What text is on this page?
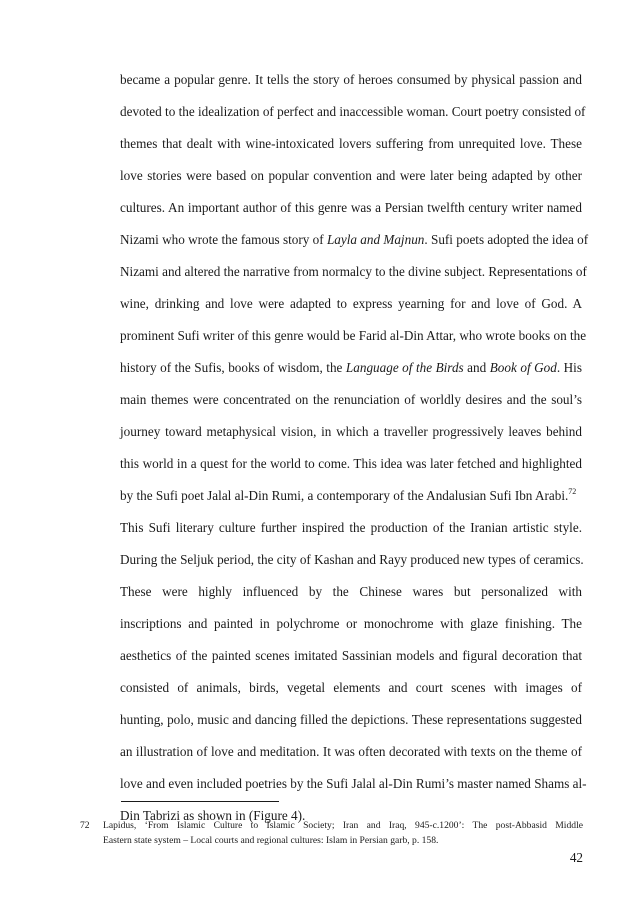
became a popular genre. It tells the story of heroes consumed by physical passion and
devoted to the idealization of perfect and inaccessible woman. Court poetry consisted of
themes that dealt with wine-intoxicated lovers suffering from unrequited love. These
love stories were based on popular convention and were later being adapted by other
cultures. An important author of this genre was a Persian twelfth century writer named
Nizami who wrote the famous story of Layla and Majnun. Sufi poets adopted the idea of
Nizami and altered the narrative from normalcy to the divine subject. Representations of
wine, drinking and love were adapted to express yearning for and love of God. A
prominent Sufi writer of this genre would be Farid al-Din Attar, who wrote books on the
history of the Sufis, books of wisdom, the Language of the Birds and Book of God. His
main themes were concentrated on the renunciation of worldly desires and the soul’s
journey toward metaphysical vision, in which a traveller progressively leaves behind
this world in a quest for the world to come. This idea was later fetched and highlighted
by the Sufi poet Jalal al-Din Rumi, a contemporary of the Andalusian Sufi Ibn Arabi.$^{72}$
This Sufi literary culture further inspired the production of the Iranian artistic style.
During the Seljuk period, the city of Kashan and Rayy produced new types of ceramics.
These were highly influenced by the Chinese wares but personalized with
inscriptions and painted in polychrome or monochrome with glaze finishing. The
aesthetics of the painted scenes imitated Sassinian models and figural decoration that
consisted of animals, birds, vegetal elements and court scenes with images of
hunting, polo, music and dancing filled the depictions. These representations suggested
an illustration of love and meditation. It was often decorated with texts on the theme of
love and even included poetries by the Sufi Jalal al-Din Rumi’s master named Shams al-
Din Tabrizi as shown in (Figure 4).
72 Lapidus, ‘From Islamic Culture to Islamic Society; Iran and Iraq, 945-c.1200’: The post-Abbasid Middle
Eastern state system – Local courts and regional cultures: Islam in Persian garb, p. 158.
42
